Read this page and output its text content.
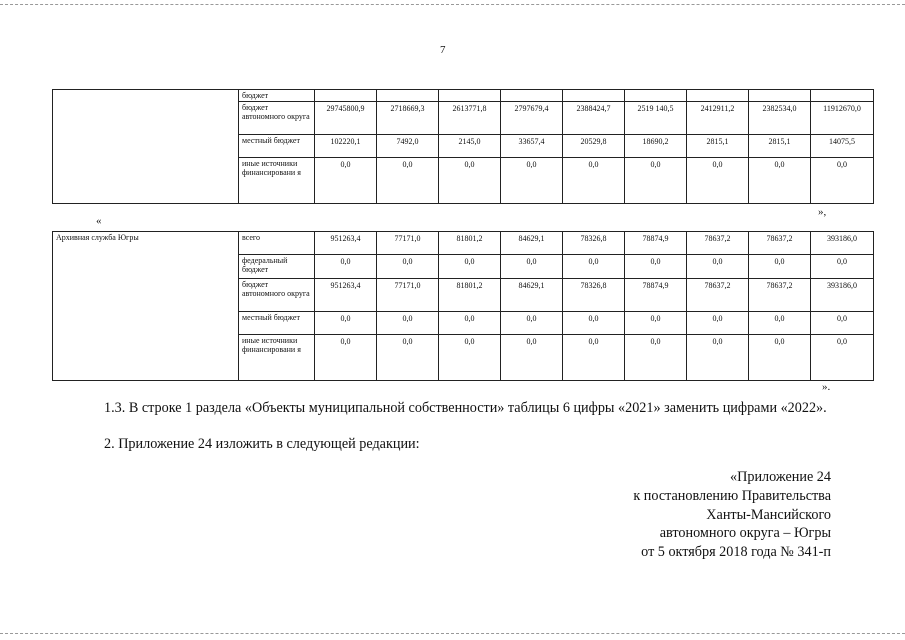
7
	бюджет									
	бюджет автономного округа	29745800,9	2718669,3	2613771,8	2797679,4	2388424,7	2519 140,5	2412911,2	2382534,0	11912670,0
	местный бюджет	102220,1	7492,0	2145,0	33657,4	20529,8	18690,2	2815,1	2815,1	14075,5
	иные источники финансировани я	0,0	0,0	0,0	0,0	0,0	0,0	0,0	0,0	0,0
»,
«
Архивная служба Югры	всего	951263,4	77171,0	81801,2	84629,1	78326,8	78874,9	78637,2	78637,2	393186,0
	федеральный бюджет	0,0	0,0	0,0	0,0	0,0	0,0	0,0	0,0	0,0
	бюджет автономного округа	951263,4	77171,0	81801,2	84629,1	78326,8	78874,9	78637,2	78637,2	393186,0
	местный бюджет	0,0	0,0	0,0	0,0	0,0	0,0	0,0	0,0	0,0
	иные источники финансировани я	0,0	0,0	0,0	0,0	0,0	0,0	0,0	0,0	0,0
».
1.3. В строке 1 раздела «Объекты муниципальной собственности» таблицы 6 цифры «2021» заменить цифрами «2022».
2. Приложение 24 изложить в следующей редакции:
«Приложение 24
к постановлению Правительства
Ханты-Мансийского
автономного округа – Югры
от 5 октября 2018 года № 341-п
